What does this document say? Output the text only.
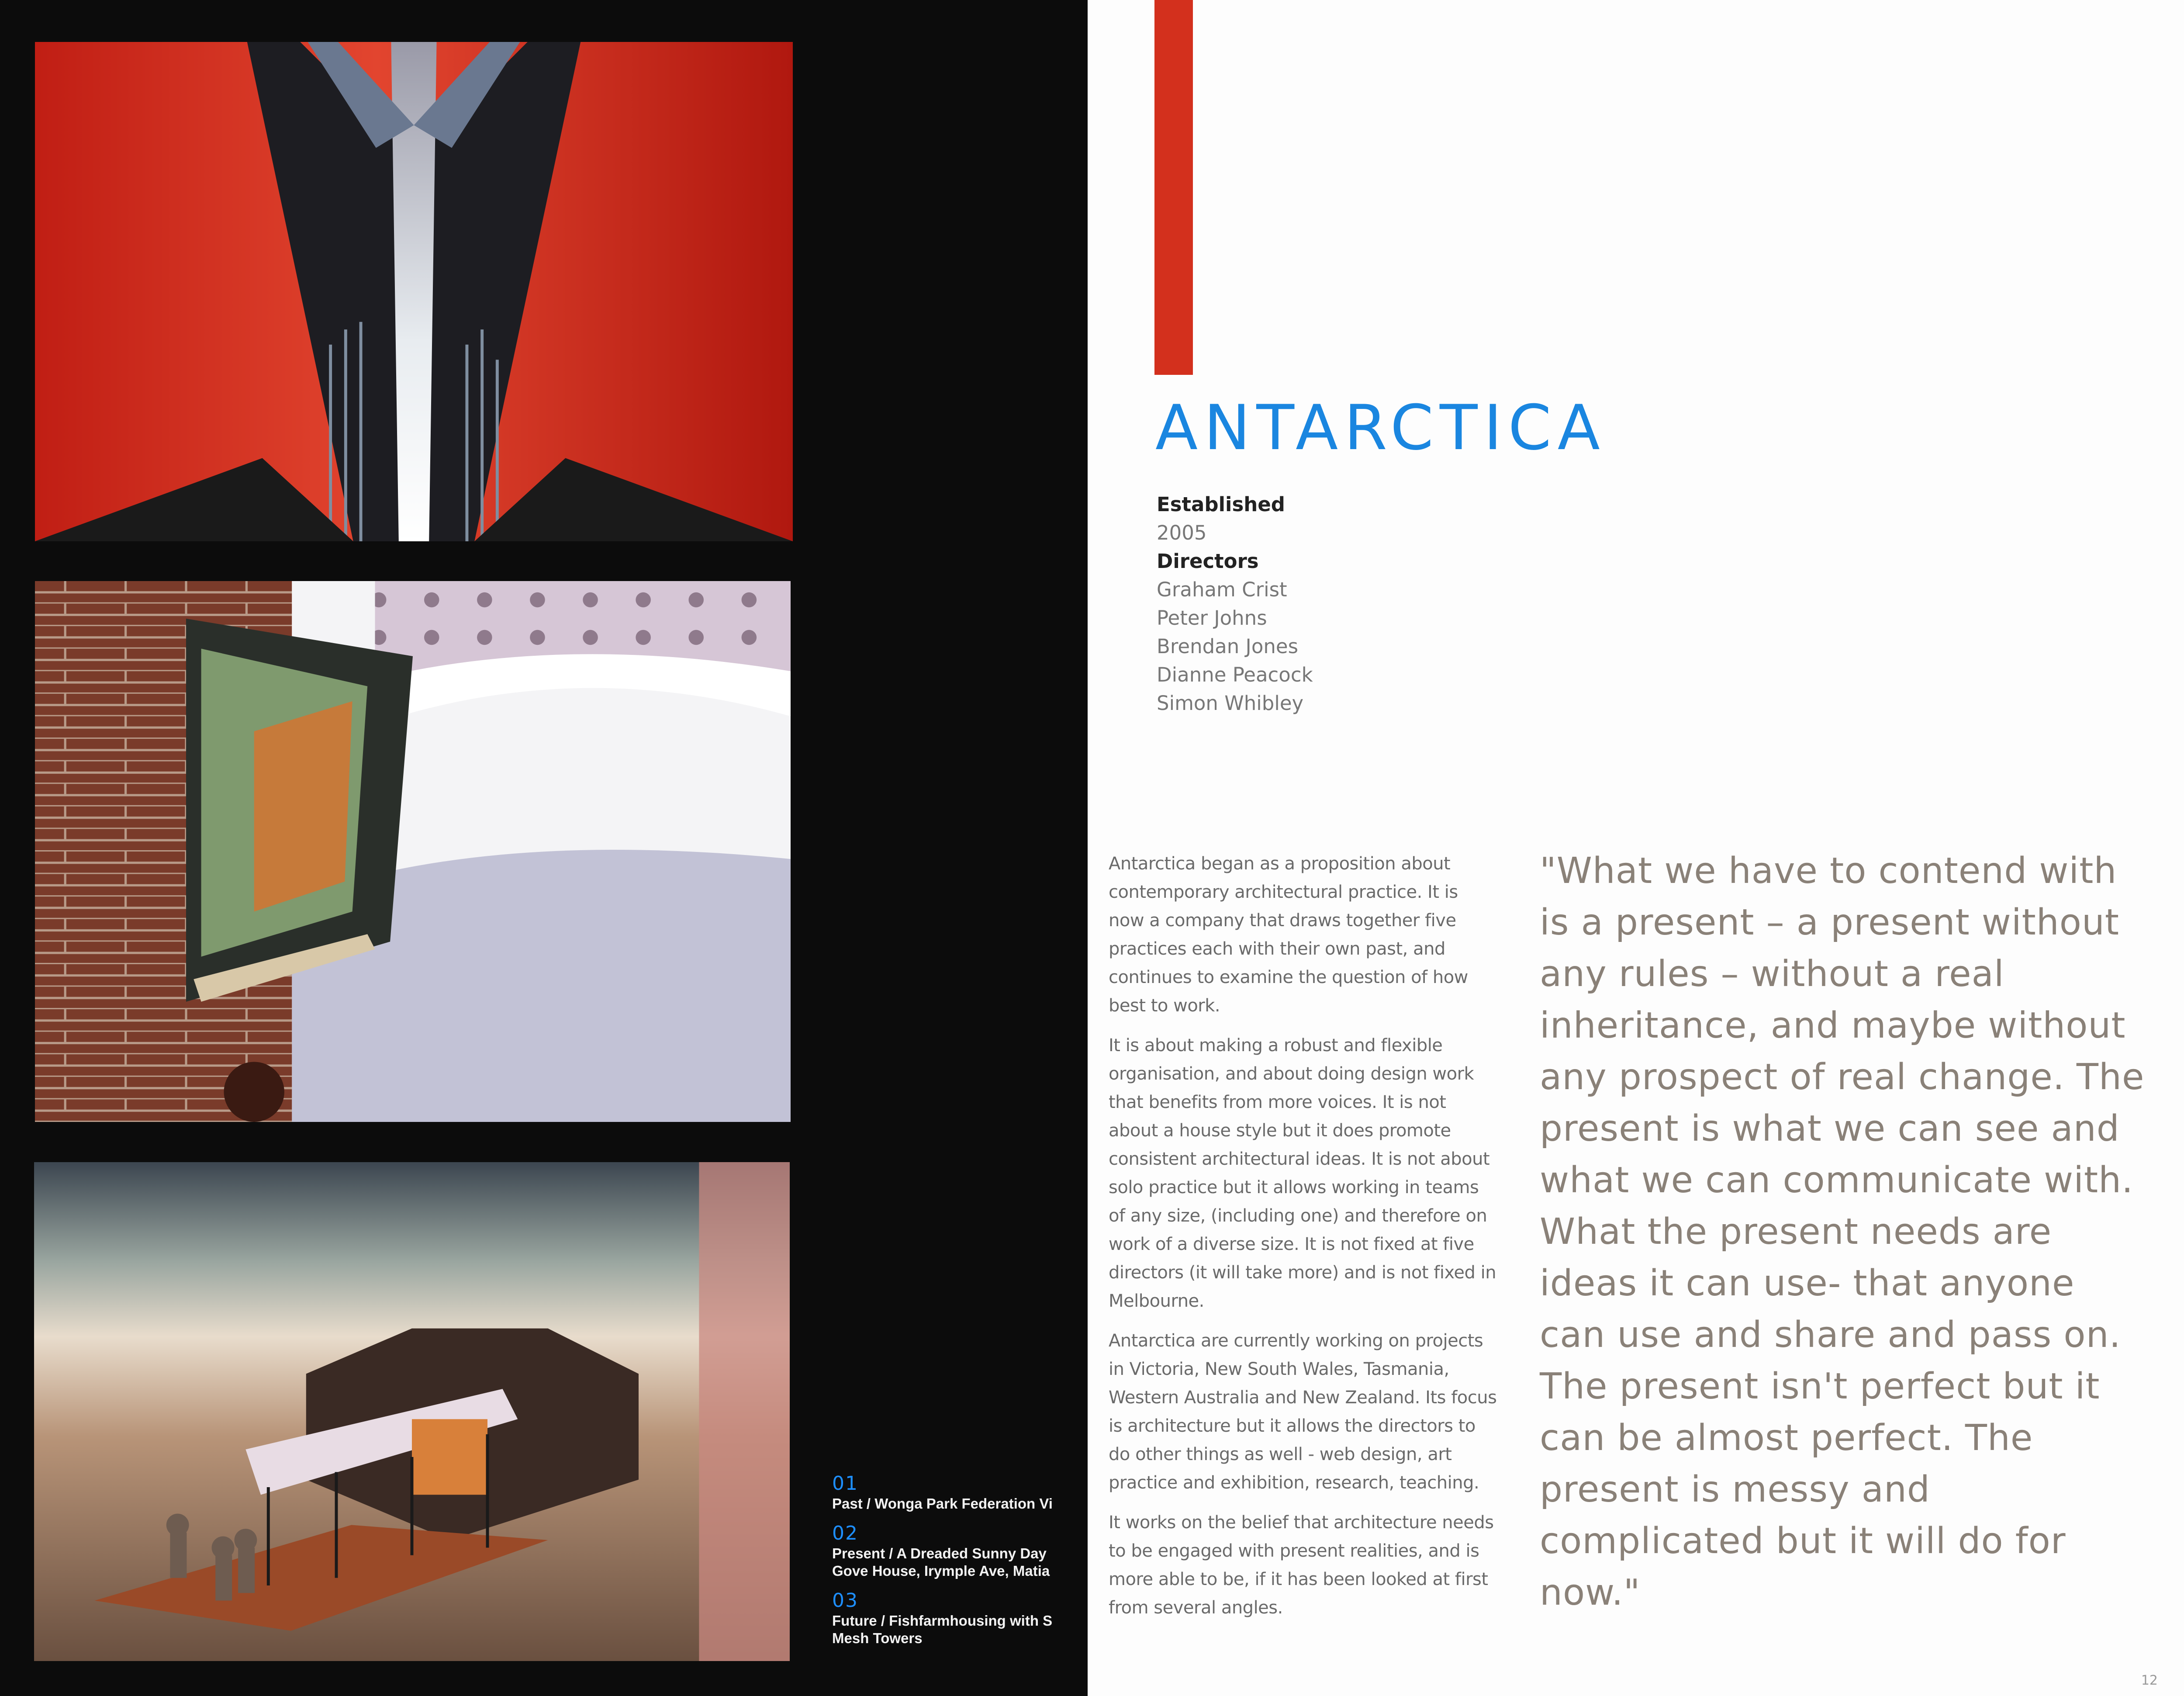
01
Past / Wonga Park Federation Vi
02
Present / A Dreaded Sunny Day
Gove House, Irymple Ave, Matia
03
Future / Fishfarmhousing with S
Mesh Towers
ANTARCTICA
Established
2005
Directors
Graham Crist
Peter Johns
Brendan Jones
Dianne Peacock
Simon Whibley

Antarctica began as a proposition about contemporary architectural practice. It is now a company that draws together five practices each with their own past, and continues to examine the question of how best to work.

It is about making a robust and flexible organisation, and about doing design work that benefits from more voices. It is not about a house style but it does promote consistent architectural ideas. It is not about solo practice but it allows working in teams of any size, (including one) and therefore on work of a diverse size. It is not fixed at five directors (it will take more) and is not fixed in Melbourne.

Antarctica are currently working on projects in Victoria, New South Wales, Tasmania, Western Australia and New Zealand. Its focus is architecture but it allows the directors to do other things as well - web design, art practice and exhibition, research, teaching.

It works on the belief that architecture needs to be engaged with present realities, and is more able to be, if it has been looked at first from several angles.

"What we have to contend with is a present – a present without any rules – without a real inheritance, and maybe without any prospect of real change. The present is what we can see and what we can communicate with. What the present needs are ideas it can use- that anyone can use and share and pass on. The present isn't perfect but it can be almost perfect. The present is messy and complicated but it will do for now."

12
